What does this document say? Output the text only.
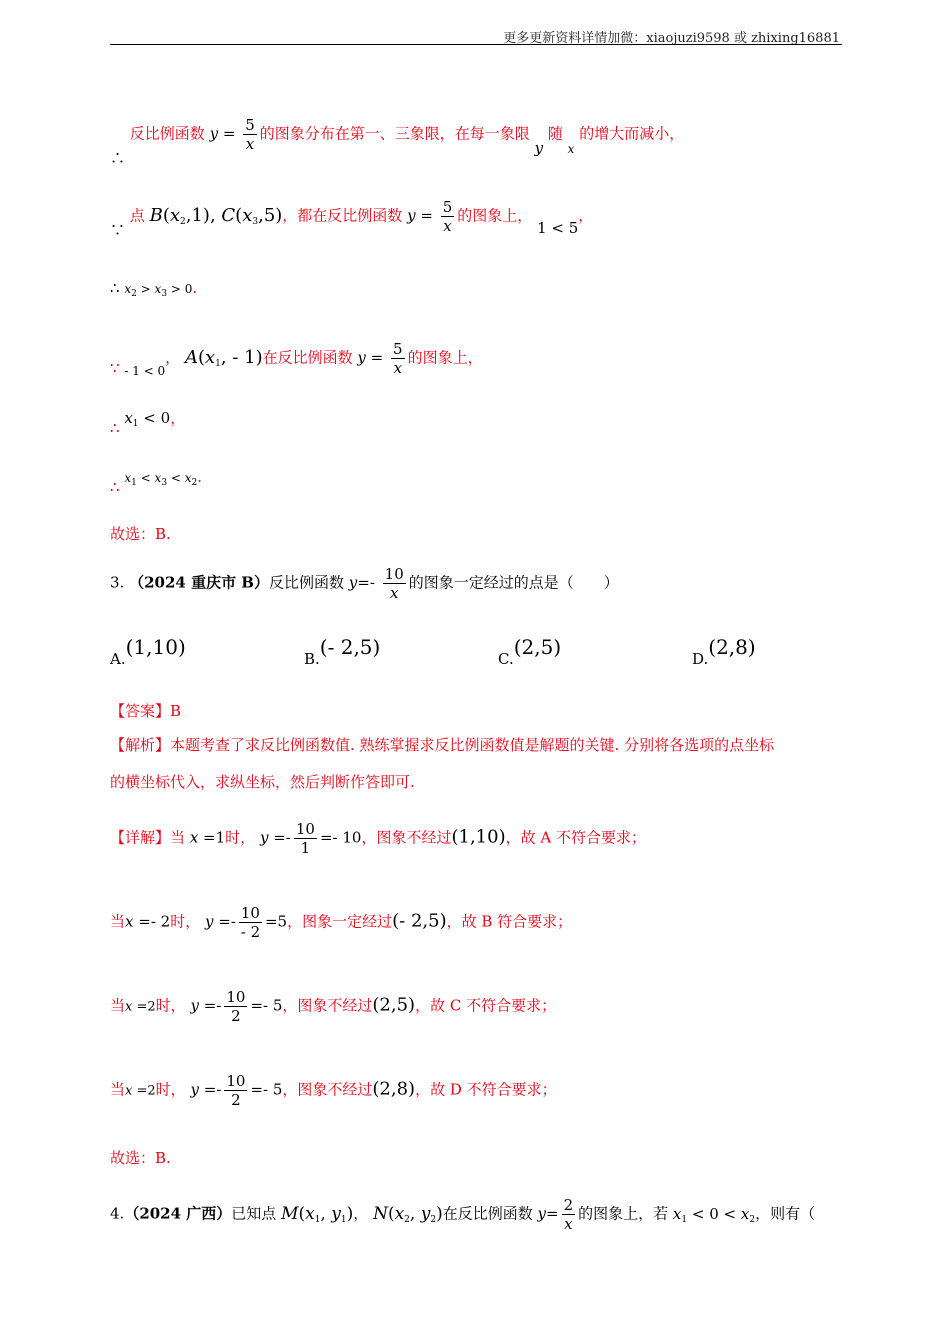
更多更新资料详情加微：xiaojuzi9598 或 zhixing16881
∴ 反比例函数 $y = \frac{5}{x}$ 的图象分布在第一、三象限，在每一象限 y 随 $_x$ 的增大而减小，
∵ 点 $B(x_2,1)$, $C(x_3,5)$，都在反比例函数 $y = \frac{5}{x}$ 的图象上， 1 < 5，
∴ $x_2 > x_3 > 0$.
∵ $_{- 1 < 0}$， $A(x_1$, - 1)在反比例函数 $y = \frac{5}{x}$ 的图象上，
∴ $x_1 < 0$，
∴ $x_1 < x_3 < x_2$.
故选：B.
3. （2024 重庆市 B）反比例函数 $y=- \frac{10}{x}$ 的图象一定经过的点是（　　）
A.(1,10)	B.(- 2,5)	C.(2,5)	D.(2,8)
【答案】B
【解析】本题考查了求反比例函数值. 熟练掌握求反比例函数值是解题的关键. 分别将各选项的点坐标
的横坐标代入，求纵坐标，然后判断作答即可.
【详解】当 x =1时， $y =- \frac{10}{1} =- 10$，图象不经过(1,10)，故 A 不符合要求；
当x =- 2时， $y =- \frac{10}{- 2} =5$，图象一定经过(- 2,5)，故 B 符合要求；
当x =2时， $y =- \frac{10}{2} =- 5$，图象不经过(2,5)，故 C 不符合要求；
当x =2时， $y =- \frac{10}{2} =- 5$，图象不经过(2,8)，故 D 不符合要求；
故选：B.
4.（2024 广西）已知点 $M(x_1$, $y_1$)， $N(x_2$, $y_2$)在反比例函数 $y= \frac{2}{x}$ 的图象上，若 $x_1 < 0 < x_2$，则有（
